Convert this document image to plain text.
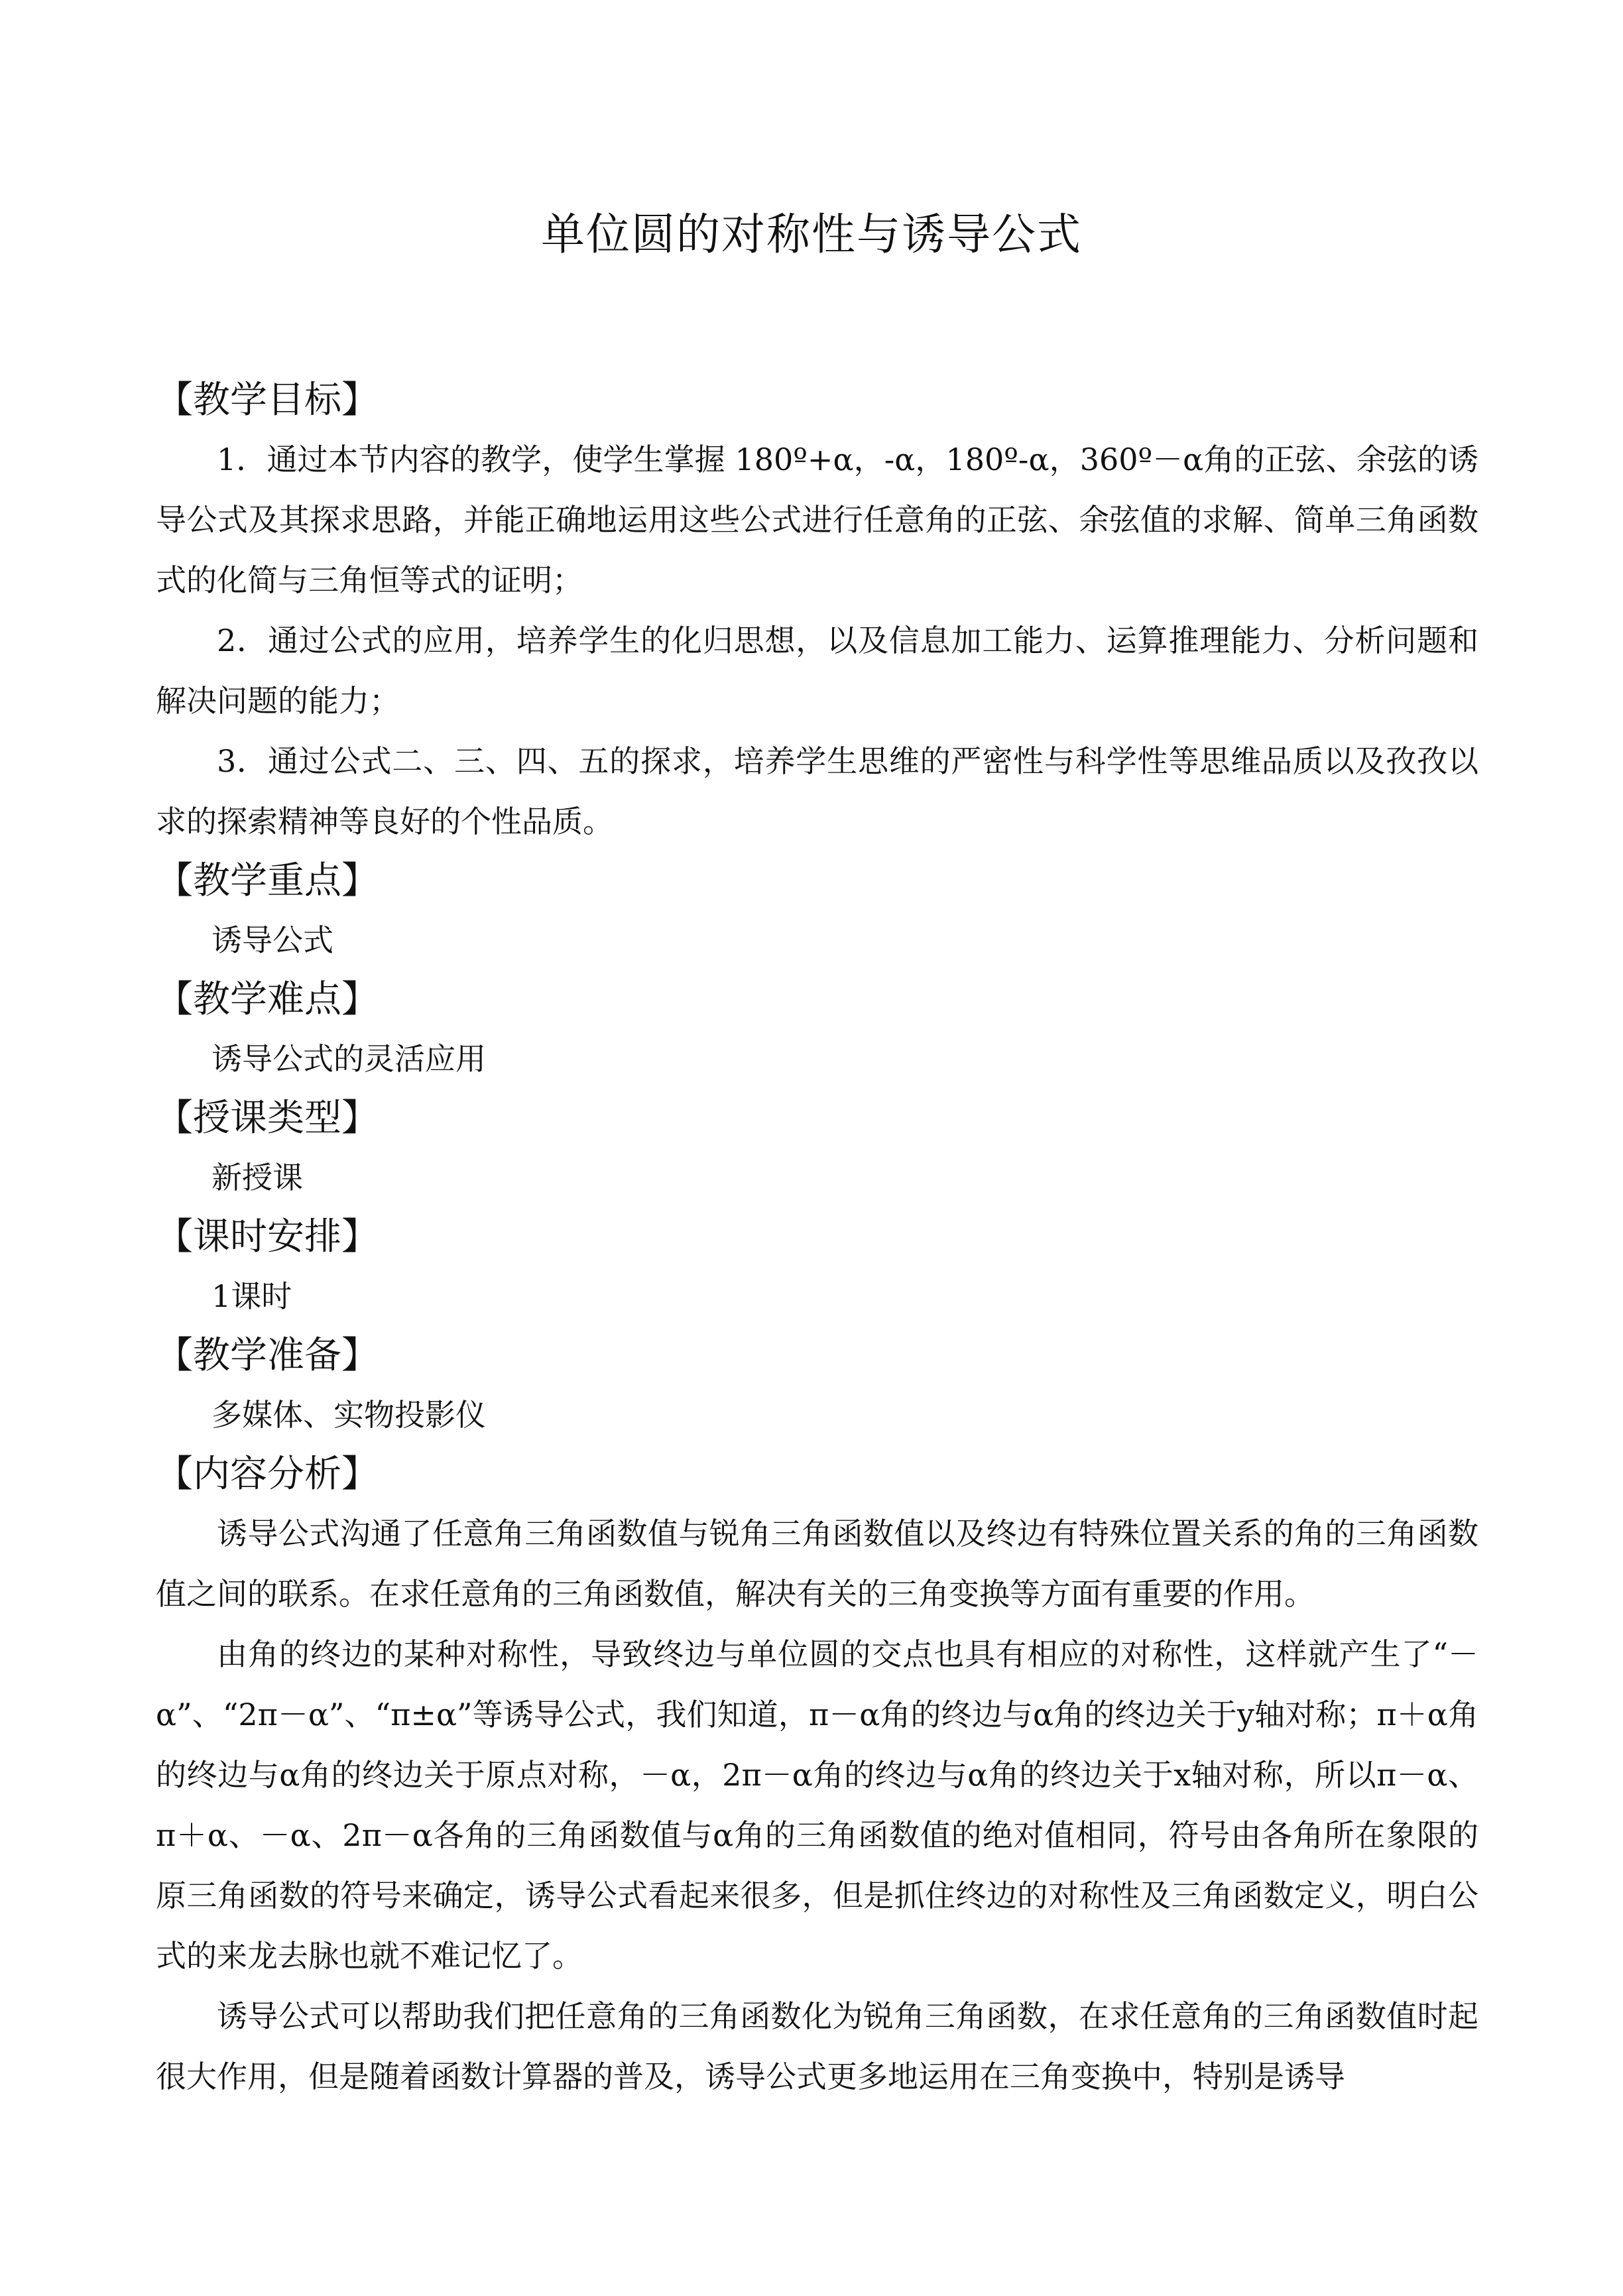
单位圆的对称性与诱导公式
【教学目标】

1．通过本节内容的教学，使学生掌握 180º+α，-α，180º-α，360º－α角的正弦、余弦的诱导公式及其探求思路，并能正确地运用这些公式进行任意角的正弦、余弦值的求解、简单三角函数式的化简与三角恒等式的证明；

2．通过公式的应用，培养学生的化归思想，以及信息加工能力、运算推理能力、分析问题和解决问题的能力；

3．通过公式二、三、四、五的探求，培养学生思维的严密性与科学性等思维品质以及孜孜以求的探索精神等良好的个性品质。

【教学重点】

诱导公式

【教学难点】

诱导公式的灵活应用

【授课类型】

新授课

【课时安排】

1课时

【教学准备】

多媒体、实物投影仪

【内容分析】

诱导公式沟通了任意角三角函数值与锐角三角函数值以及终边有特殊位置关系的角的三角函数值之间的联系。在求任意角的三角函数值，解决有关的三角变换等方面有重要的作用。

由角的终边的某种对称性，导致终边与单位圆的交点也具有相应的对称性，这样就产生了“－α”、“2π－α”、“π±α”等诱导公式，我们知道，π－α角的终边与α角的终边关于y轴对称；π＋α角的终边与α角的终边关于原点对称，－α，2π－α角的终边与α角的终边关于x轴对称，所以π－α、π＋α、－α、2π－α各角的三角函数值与α角的三角函数值的绝对值相同，符号由各角所在象限的原三角函数的符号来确定，诱导公式看起来很多，但是抓住终边的对称性及三角函数定义，明白公式的来龙去脉也就不难记忆了。

诱导公式可以帮助我们把任意角的三角函数化为锐角三角函数，在求任意角的三角函数值时起很大作用，但是随着函数计算器的普及，诱导公式更多地运用在三角变换中，特别是诱导
